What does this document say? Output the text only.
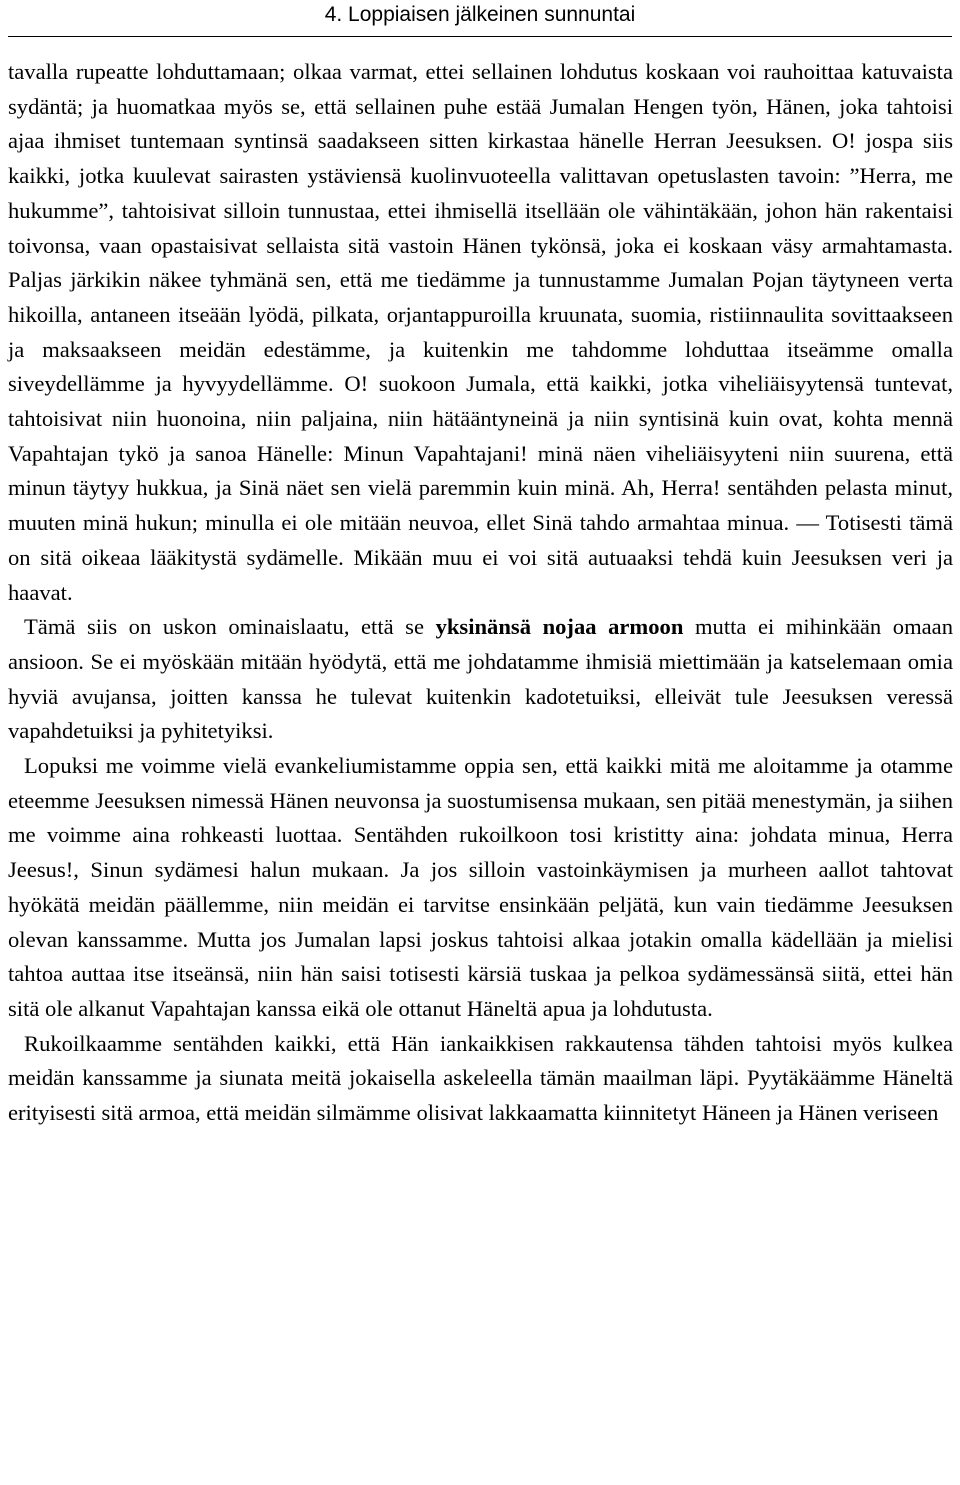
4. Loppiaisen jälkeinen sunnuntai

tavalla rupeatte lohduttamaan; olkaa varmat, ettei sellainen lohdutus koskaan voi rauhoittaa katuvaista sydäntä; ja huomatkaa myös se, että sellainen puhe estää Jumalan Hengen työn, Hänen, joka tahtoisi ajaa ihmiset tuntemaan syntinsä saadakseen sitten kirkastaa hänelle Herran Jeesuksen. O! jospa siis kaikki, jotka kuulevat sairasten ystäviensä kuolinvuoteella valittavan opetuslasten tavoin: ”Herra, me hukumme”, tahtoisivat silloin tunnustaa, ettei ihmisellä itsellään ole vähintäkään, johon hän rakentaisi toivonsa, vaan opastaisivat sellaista sitä vastoin Hänen tykönsä, joka ei koskaan väsy armahtamasta. Paljas järkikin näkee tyhmänä sen, että me tiedämme ja tunnustamme Jumalan Pojan täytyneen verta hikoilla, antaneen itseään lyödä, pilkata, orjantappuroilla kruunata, suomia, ristiinnaulita sovittaakseen ja maksaakseen meidän edestämme, ja kuitenkin me tahdomme lohduttaa itseämme omalla siveydellämme ja hyvyydellämme. O! suokoon Jumala, että kaikki, jotka viheliäisyytensä tuntevat, tahtoisivat niin huonoina, niin paljaina, niin hätääntyneinä ja niin syntisinä kuin ovat, kohta mennä Vapahtajan tykö ja sanoa Hänelle: Minun Vapahtajani! minä näen viheliäisyyteni niin suurena, että minun täytyy hukkua, ja Sinä näet sen vielä paremmin kuin minä. Ah, Herra! sentähden pelasta minut, muuten minä hukun; minulla ei ole mitään neuvoa, ellet Sinä tahdo armahtaa minua. ― Totisesti tämä on sitä oikeaa lääkitystä sydämelle. Mikään muu ei voi sitä autuaaksi tehdä kuin Jeesuksen veri ja haavat.

Tämä siis on uskon ominaislaatu, että se yksinänsä nojaa armoon mutta ei mihinkään omaan ansioon. Se ei myöskään mitään hyödytä, että me johdatamme ihmisiä miettimään ja katselemaan omia hyviä avujansa, joitten kanssa he tulevat kuitenkin kadotetuiksi, elleivät tule Jeesuksen veressä vapahdetuiksi ja pyhitetyiksi.

Lopuksi me voimme vielä evankeliumistamme oppia sen, että kaikki mitä me aloitamme ja otamme eteemme Jeesuksen nimessä Hänen neuvonsa ja suostumisensa mukaan, sen pitää menestymän, ja siihen me voimme aina rohkeasti luottaa. Sentähden rukoilkoon tosi kristitty aina: johdata minua, Herra Jeesus!, Sinun sydämesi halun mukaan. Ja jos silloin vastoinkäymisen ja murheen aallot tahtovat hyökätä meidän päällemme, niin meidän ei tarvitse ensinkään peljätä, kun vain tiedämme Jeesuksen olevan kanssamme. Mutta jos Jumalan lapsi joskus tahtoisi alkaa jotakin omalla kädellään ja mielisi tahtoa auttaa itse itseänsä, niin hän saisi totisesti kärsiä tuskaa ja pelkoa sydämessänsä siitä, ettei hän sitä ole alkanut Vapahtajan kanssa eikä ole ottanut Häneltä apua ja lohdutusta.

Rukoilkaamme sentähden kaikki, että Hän iankaikkisen rakkautensa tähden tahtoisi myös kulkea meidän kanssamme ja siunata meitä jokaisella askeleella tämän maailman läpi. Pyytäkäämme Häneltä erityisesti sitä armoa, että meidän silmämme olisivat lakkaamatta kiinnitetyt Häneen ja Hänen veriseen
